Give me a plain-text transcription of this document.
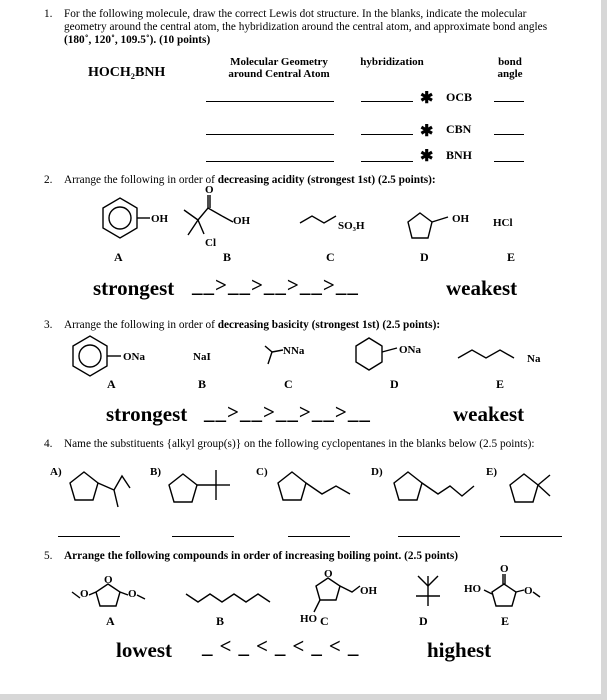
1. For the following molecule, draw the correct Lewis dot structure. In the blanks, indicate the molecular
geometry around the central atom, the hybridization around the central atom, and approximate bond angles
(180˚, 120˚, 109.5˚). (10 points)
HOCH₂BNH
Molecular Geometry
around Central Atom
hybridization	bond
angle
✱ OCB
✱ CBN
✱ BNH
2. Arrange the following in order of decreasing acidity (strongest 1st) (2.5 points):
OH
O
OH
Cl
SO₃H
OH HCl
A	B	C	D	E
strongest __>__>__>__>__	weakest
3. Arrange the following in order of decreasing basicity (strongest 1st) (2.5 points):
ONa	NaI	NNa	ONa
Na
A	B	C	D	E
strongest __>__>__>__>__	weakest
4. Name the substituents {alkyl group(s)} on the following cyclopentanes in the blanks below (2.5 points):
A)	B)	C)	D)	E)
5. Arrange the following compounds in order of increasing boiling point. (2.5 points)
O
O
O
O
HO
OH	HO
O
O
A	B	C	D	E
lowest _<_<_<_<_	highest
